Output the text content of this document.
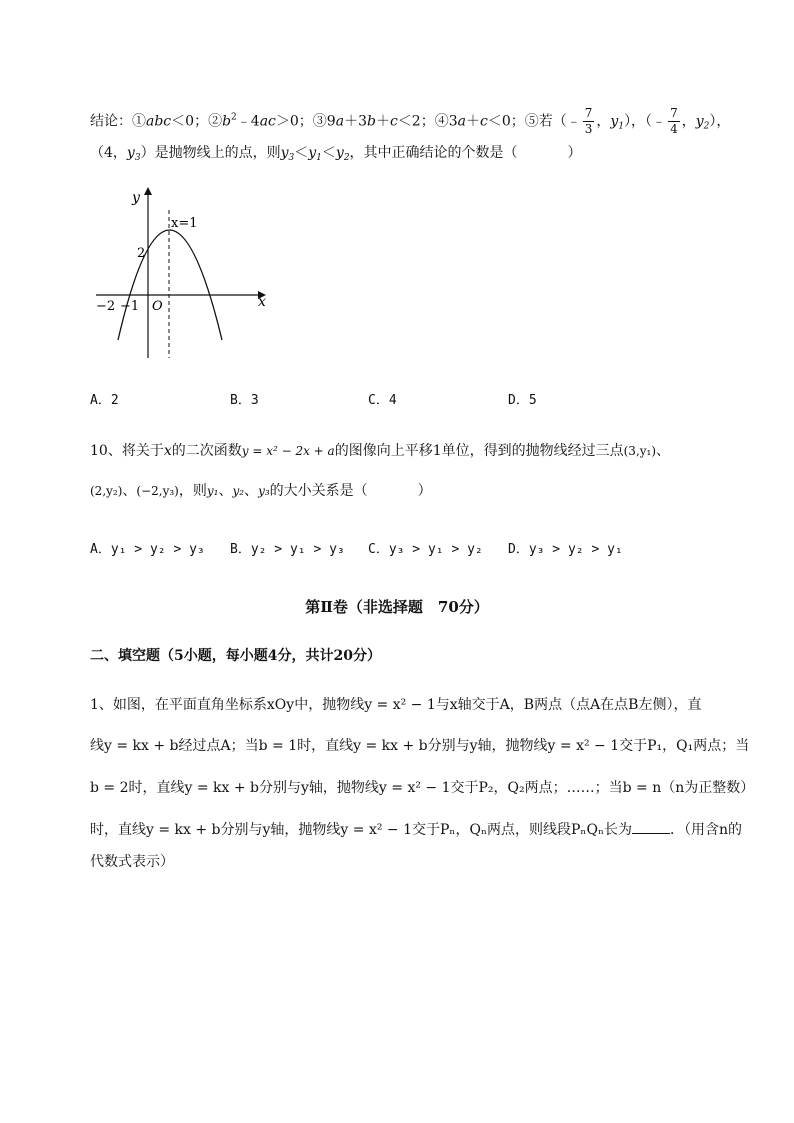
结论：①abc＜0；$②b^2﹣4ac>0$；③9a＋3b＋c＜2；④3a＋c＜0；⑤若（﹣ $\frac{7}{3}$ ，$y_1$），（﹣ $\frac{7}{4}$ ，$y_2$），
（4，$y_3$）是抛物线上的点，则$y_3<y_1<y_2$，其中正确结论的个数是（	）
y
x
x=1
2
−2 −1 O
A．2	B．3	C．4	D．5
10、将关于x的二次函数y = x² − 2x + a的图像向上平移1单位，得到的抛物线经过三点(3,y₁)、
(2,y₂)、(−2,y₃)，则y₁、y₂、y₃的大小关系是（	）
A．y₁ > y₂ > y₃ B．y₂ > y₁ > y₃ C．y₃ > y₁ > y₂ D．y₃ > y₂ > y₁
第Ⅱ卷（非选择题　70分）
二、填空题（5小题，每小题4分，共计20分）
1、如图，在平面直角坐标系xOy中，抛物线y = x² − 1与x轴交于A，B两点（点A在点B左侧），直
线y = kx + b经过点A；当b = 1时，直线y = kx + b分别与y轴，抛物线y = x² − 1交于P₁，Q₁两点；当
b = 2时，直线y = kx + b分别与y轴，抛物线y = x² − 1交于P₂，Q₂两点；……；当b = n（n为正整数）
时，直线y = kx + b分别与y轴，抛物线y = x² − 1交于Pₙ，Qₙ两点，则线段PₙQₙ长为	．（用含n的
代数式表示）
